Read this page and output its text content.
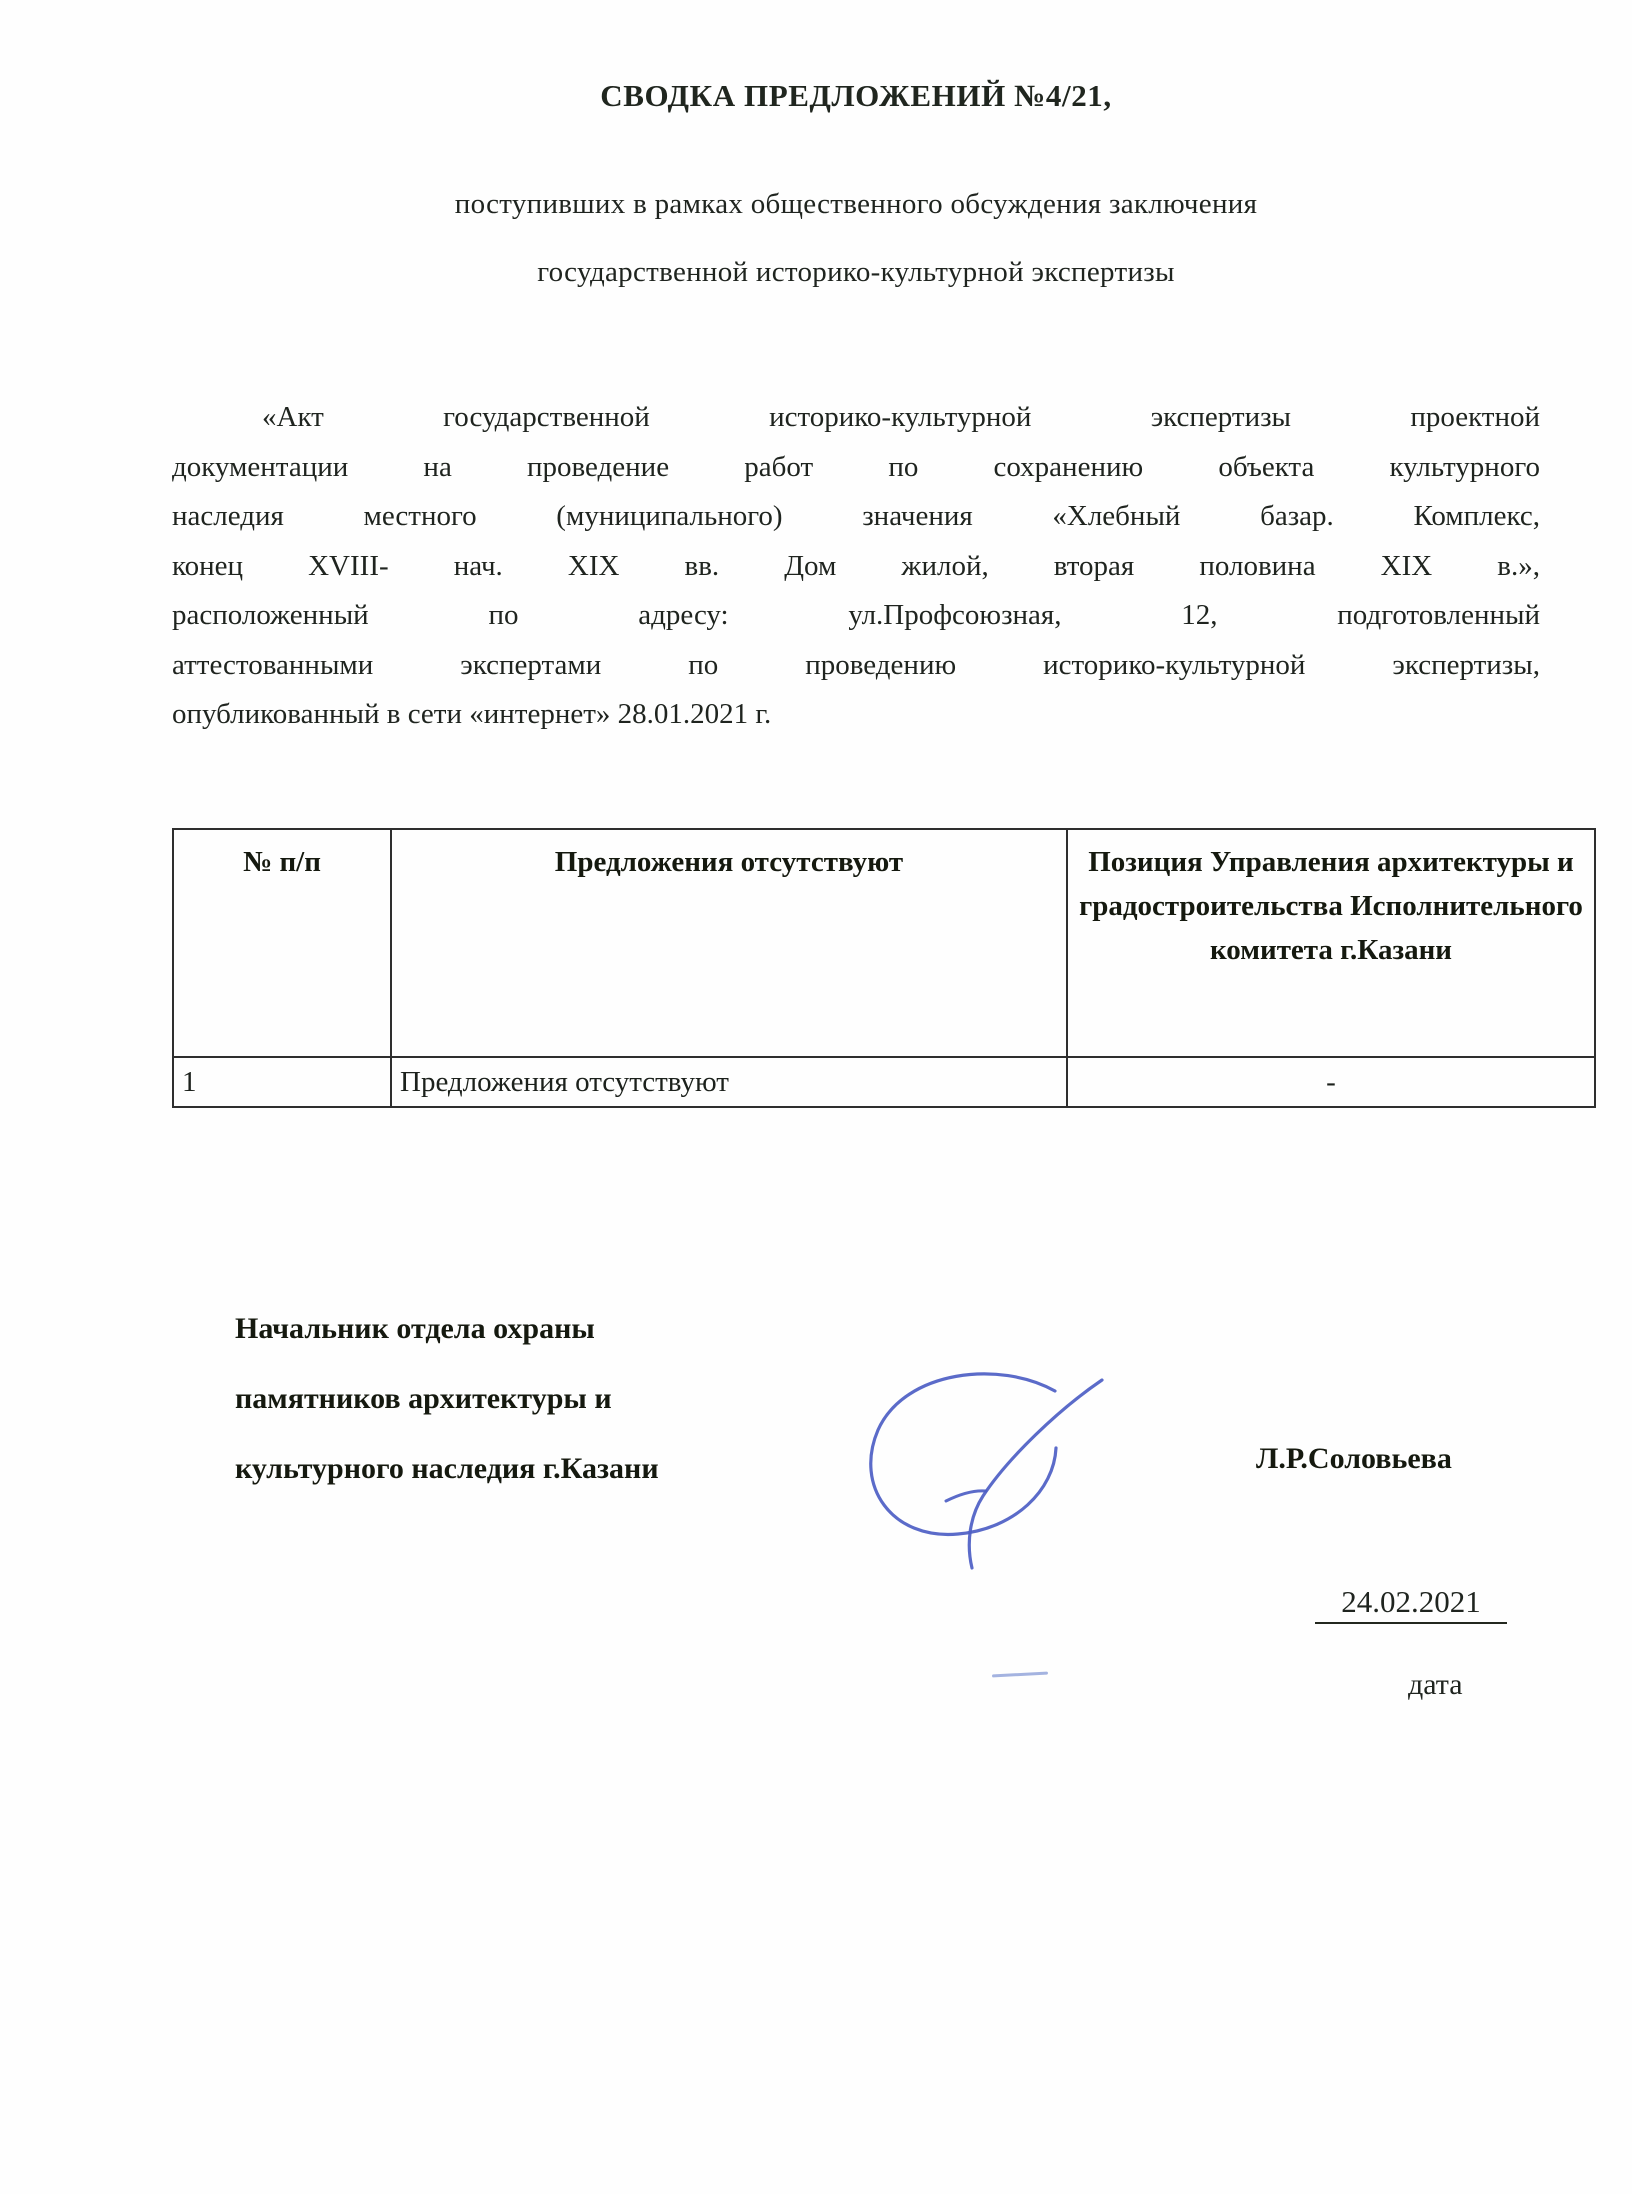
СВОДКА ПРЕДЛОЖЕНИЙ №4/21,
поступивших в рамках общественного обсуждения заключения
государственной историко-культурной экспертизы
«Акт государственной историко-культурной экспертизы проектной
документации на проведение работ по сохранению объекта культурного
наследия местного (муниципального) значения «Хлебный базар. Комплекс,
конец XVIII- нач. XIX вв. Дом жилой, вторая половина XIX в.»,
расположенный по адресу: ул.Профсоюзная, 12, подготовленный
аттестованными экспертами по проведению историко-культурной экспертизы,
опубликованный в сети «интернет» 28.01.2021 г.
№ п/п	Предложения отсутствуют	Позиция Управления архитектуры и градостроительства Исполнительного комитета г.Казани
1	Предложения отсутствуют	-
Начальник отдела охраны
памятников архитектуры и
культурного наследия г.Казани	Л.Р.Соловьева
24.02.2021
дата
